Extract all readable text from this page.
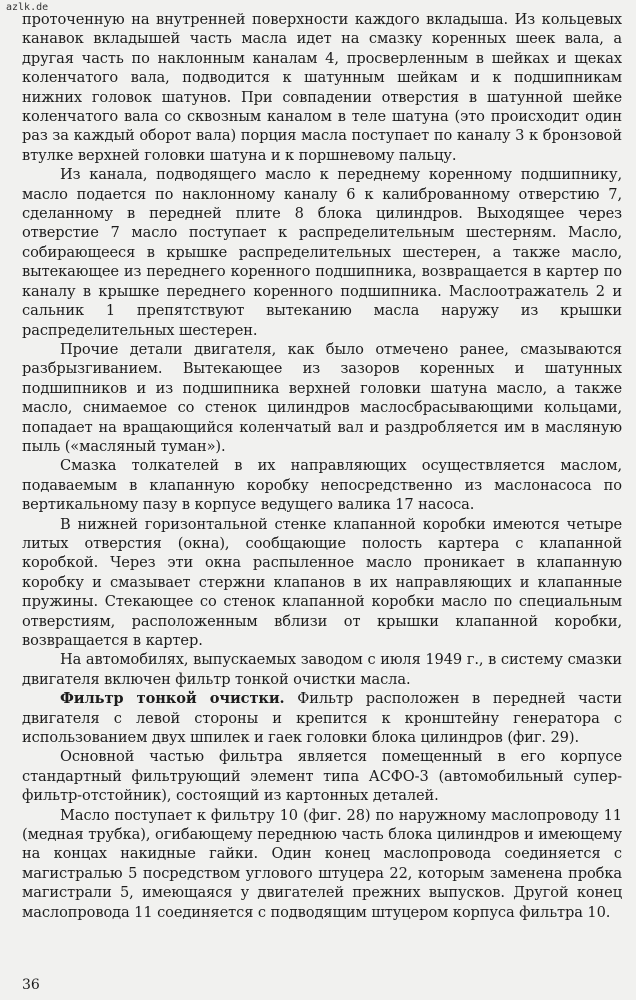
azlk.de

проточенную на внутренней поверхности каждого вкладыша. Из кольцевых канавок вкладышей часть масла идет на смазку коренных шеек вала, а другая часть по наклонным каналам 4, просверленным в шейках и щеках коленчатого вала, подводится к шатунным шейкам и к подшипникам нижних головок шатунов. При совпадении отверстия в шатунной шейке коленчатого вала со сквозным каналом в теле шатуна (это происходит один раз за каждый оборот вала) порция масла поступает по каналу 3 к бронзовой втулке верхней головки шатуна и к поршневому пальцу.

Из канала, подводящего масло к переднему коренному подшипнику, масло подается по наклонному каналу 6 к калиброванному отверстию 7, сделанному в передней плите 8 блока цилиндров. Выходящее через отверстие 7 масло поступает к распределительным шестерням. Масло, собирающееся в крышке распределительных шестерен, а также масло, вытекающее из переднего коренного подшипника, возвращается в картер по каналу в крышке переднего коренного подшипника. Маслоотражатель 2 и сальник 1 препятствуют вытеканию масла наружу из крышки распределительных шестерен.

Прочие детали двигателя, как было отмечено ранее, смазываются разбрызгиванием. Вытекающее из зазоров коренных и шатунных подшипников и из подшипника верхней головки шатуна масло, а также масло, снимаемое со стенок цилиндров маслосбрасывающими кольцами, попадает на вращающийся коленчатый вал и раздробляется им в масляную пыль («масляный туман»).

Смазка толкателей в их направляющих осуществляется маслом, подаваемым в клапанную коробку непосредственно из маслонасоса по вертикальному пазу в корпусе ведущего валика 17 насоса.

В нижней горизонтальной стенке клапанной коробки имеются четыре литых отверстия (окна), сообщающие полость картера с клапанной коробкой. Через эти окна распыленное масло проникает в клапанную коробку и смазывает стержни клапанов в их направляющих и клапанные пружины. Стекающее со стенок клапанной коробки масло по специальным отверстиям, расположенным вблизи от крышки клапанной коробки, возвращается в картер.

На автомобилях, выпускаемых заводом с июля 1949 г., в систему смазки двигателя включен фильтр тонкой очистки масла.

Фильтр тонкой очистки. Фильтр расположен в передней части двигателя с левой стороны и крепится к кронштейну генератора с использованием двух шпилек и гаек головки блока цилиндров (фиг. 29).

Основной частью фильтра является помещенный в его корпусе стандартный фильтрующий элемент типа АСФО-3 (автомобильный супер-фильтр-отстойник), состоящий из картонных деталей.

Масло поступает к фильтру 10 (фиг. 28) по наружному маслопроводу 11 (медная трубка), огибающему переднюю часть блока цилиндров и имеющему на концах накидные гайки. Один конец маслопровода соединяется с магистралью 5 посредством углового штуцера 22, которым заменена пробка магистрали 5, имеющаяся у двигателей прежних выпусков. Другой конец маслопровода 11 соединяется с подводящим штуцером корпуса фильтра 10.

36
